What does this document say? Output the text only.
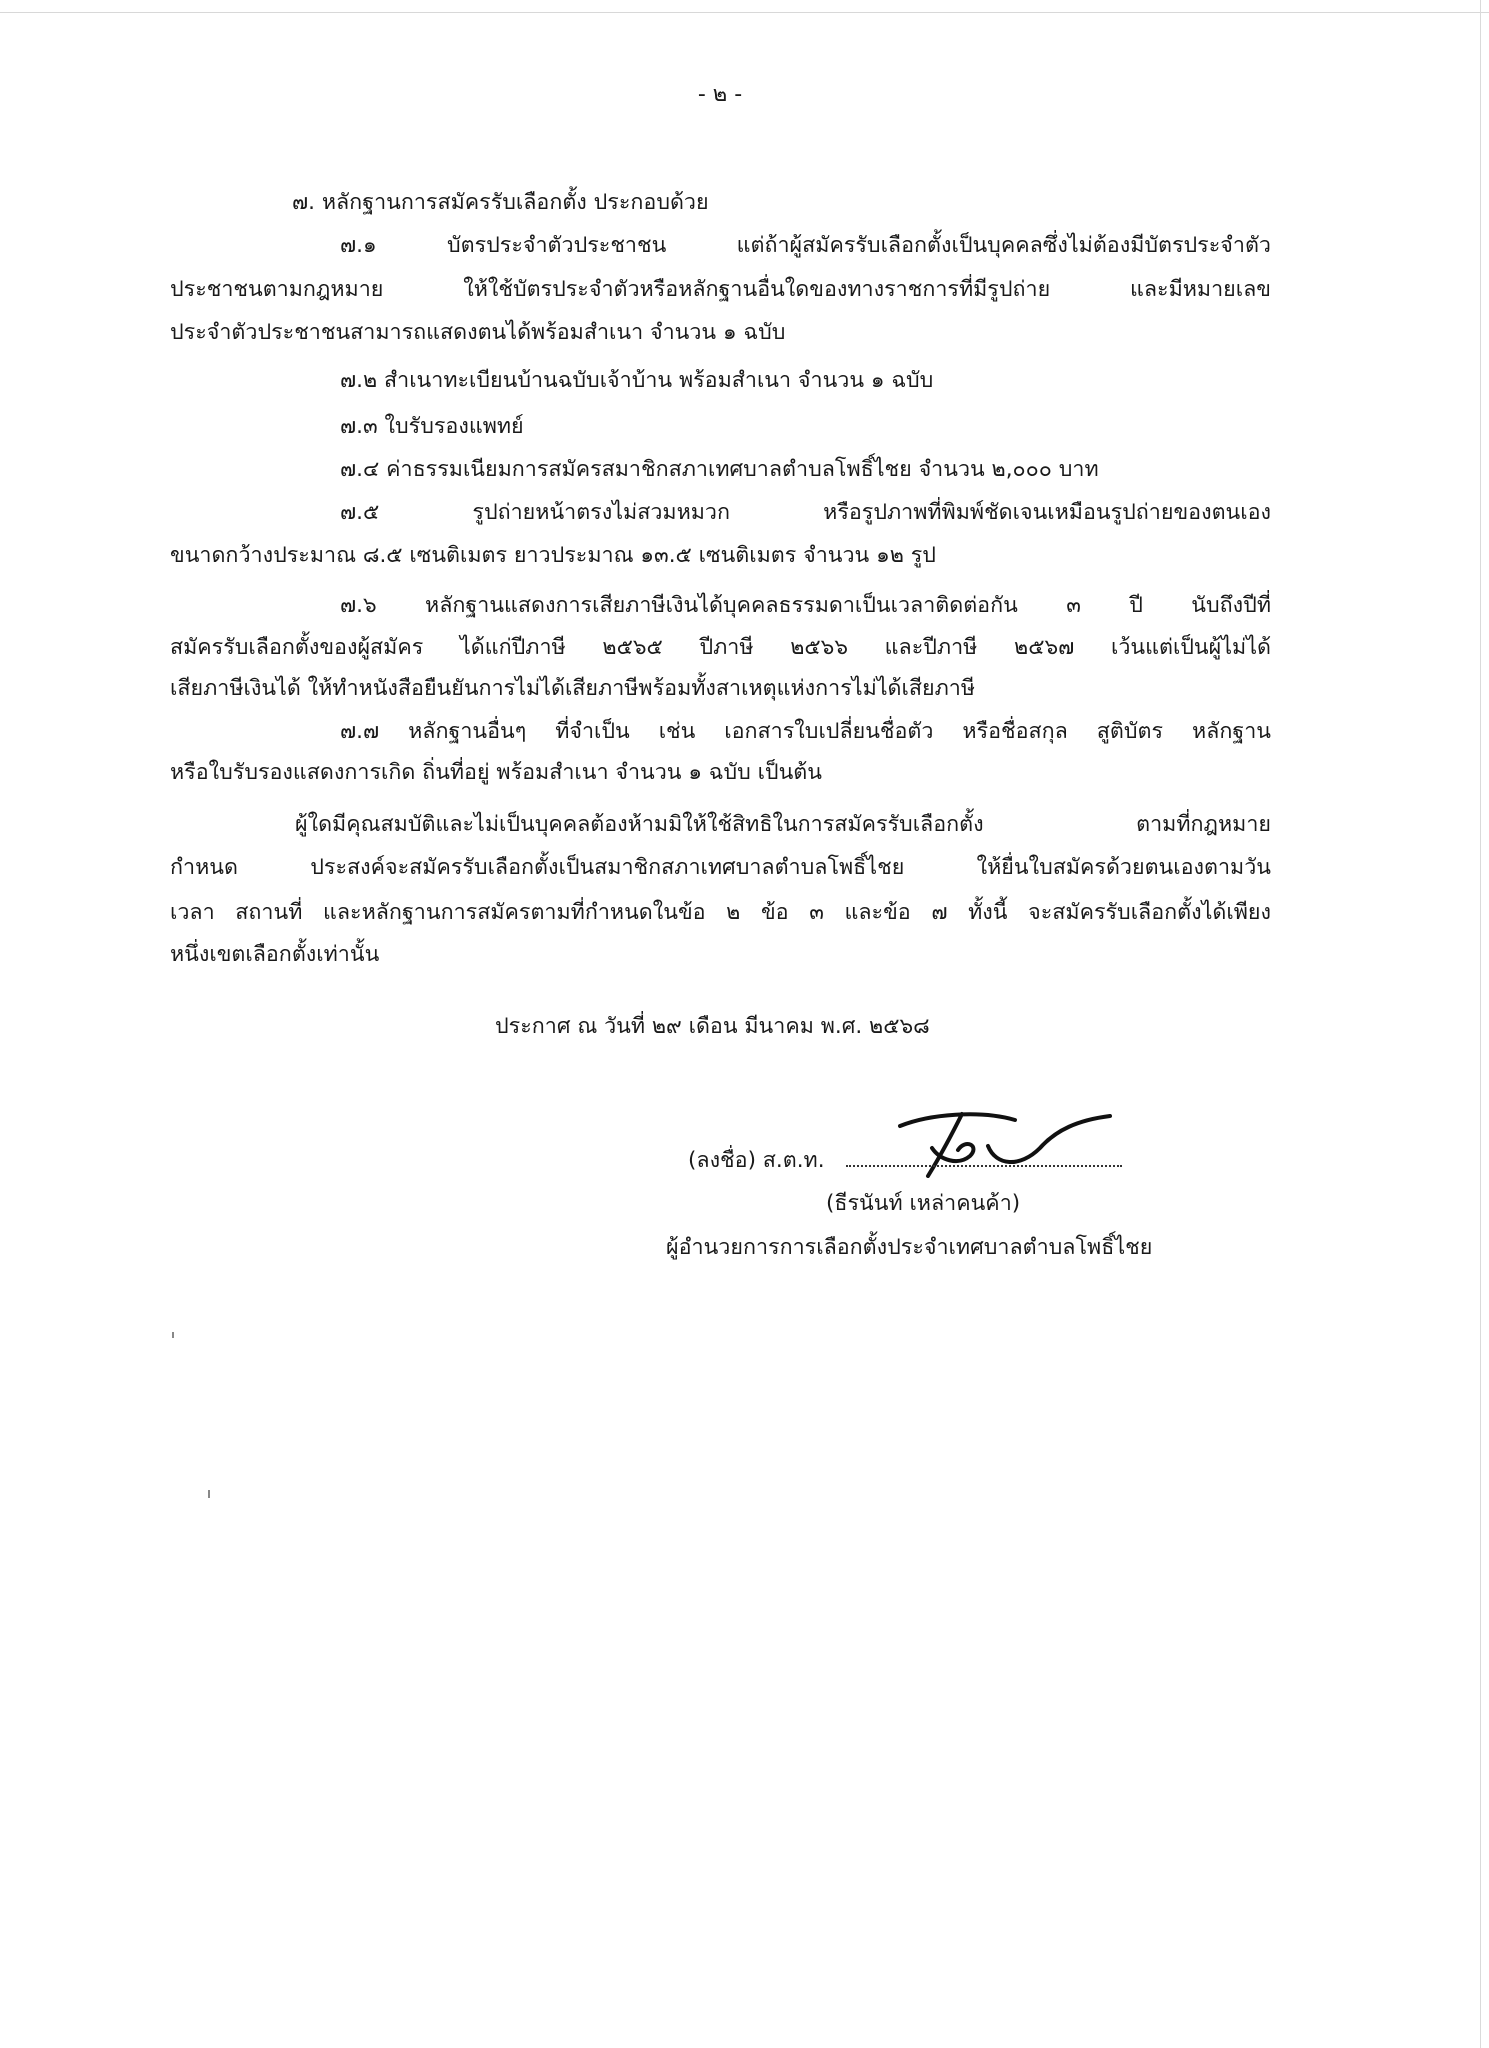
- ๒ -
๗. หลักฐานการสมัครรับเลือกตั้ง ประกอบด้วย
๗.๑ บัตรประจำตัวประชาชน แต่ถ้าผู้สมัครรับเลือกตั้งเป็นบุคคลซึ่งไม่ต้องมีบัตรประจำตัว
ประชาชนตามกฎหมาย ให้ใช้บัตรประจำตัวหรือหลักฐานอื่นใดของทางราชการที่มีรูปถ่าย และมีหมายเลข
ประจำตัวประชาชนสามารถแสดงตนได้พร้อมสำเนา จำนวน ๑ ฉบับ
๗.๒ สำเนาทะเบียนบ้านฉบับเจ้าบ้าน พร้อมสำเนา จำนวน ๑ ฉบับ
๗.๓ ใบรับรองแพทย์
๗.๔ ค่าธรรมเนียมการสมัครสมาชิกสภาเทศบาลตำบลโพธิ์ไชย จำนวน ๒,๐๐๐ บาท
๗.๕ รูปถ่ายหน้าตรงไม่สวมหมวก หรือรูปภาพที่พิมพ์ชัดเจนเหมือนรูปถ่ายของตนเอง
ขนาดกว้างประมาณ ๘.๕ เซนติเมตร ยาวประมาณ ๑๓.๕ เซนติเมตร จำนวน ๑๒ รูป
๗.๖ หลักฐานแสดงการเสียภาษีเงินได้บุคคลธรรมดาเป็นเวลาติดต่อกัน ๓ ปี นับถึงปีที่
สมัครรับเลือกตั้งของผู้สมัคร ได้แก่ปีภาษี ๒๕๖๕ ปีภาษี ๒๕๖๖ และปีภาษี ๒๕๖๗ เว้นแต่เป็นผู้ไม่ได้
เสียภาษีเงินได้ ให้ทำหนังสือยืนยันการไม่ได้เสียภาษีพร้อมทั้งสาเหตุแห่งการไม่ได้เสียภาษี
๗.๗ หลักฐานอื่นๆ ที่จำเป็น เช่น เอกสารใบเปลี่ยนชื่อตัว หรือชื่อสกุล สูติบัตร หลักฐาน
หรือใบรับรองแสดงการเกิด ถิ่นที่อยู่ พร้อมสำเนา จำนวน ๑ ฉบับ เป็นต้น
ผู้ใดมีคุณสมบัติและไม่เป็นบุคคลต้องห้ามมิให้ใช้สิทธิในการสมัครรับเลือกตั้ง ตามที่กฎหมาย
กำหนด ประสงค์จะสมัครรับเลือกตั้งเป็นสมาชิกสภาเทศบาลตำบลโพธิ์ไชย ให้ยื่นใบสมัครด้วยตนเองตามวัน
เวลา สถานที่ และหลักฐานการสมัครตามที่กำหนดในข้อ ๒ ข้อ ๓ และข้อ ๗ ทั้งนี้ จะสมัครรับเลือกตั้งได้เพียง
หนึ่งเขตเลือกตั้งเท่านั้น
ประกาศ ณ วันที่ ๒๙ เดือน มีนาคม พ.ศ. ๒๕๖๘
(ลงชื่อ) ส.ต.ท.
(ธีรนันท์ เหล่าคนค้า)
ผู้อำนวยการการเลือกตั้งประจำเทศบาลตำบลโพธิ์ไชย
